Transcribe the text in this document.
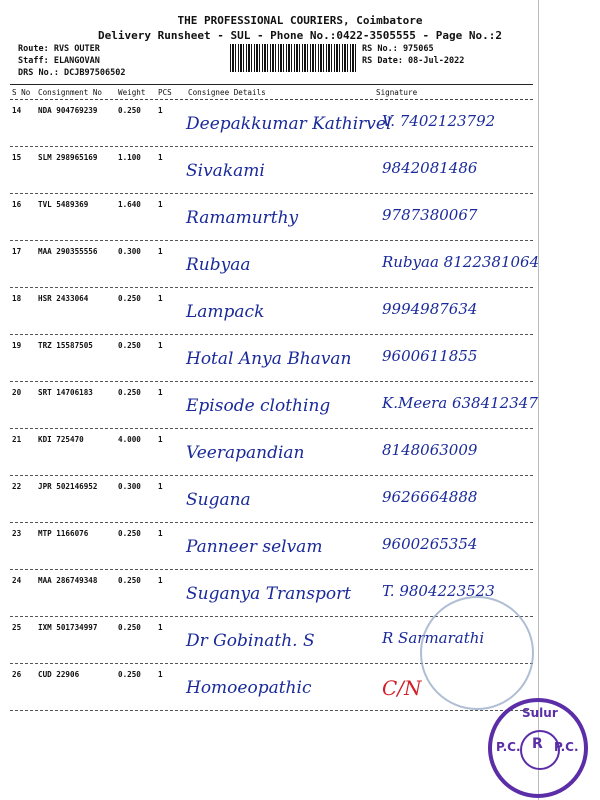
THE PROFESSIONAL COURIERS, Coimbatore
Delivery Runsheet - SUL - Phone No.:0422-3505555 - Page No.:2
Route: RVS OUTER
Staff: ELANGOVAN
DRS No.: DCJB97506502
RS No.: 975065
RS Date: 08-Jul-2022
S No Consignment No Weight PCS Consignee Details	Signature
14 NDA 904769239	0.250 1
Deepakkumar Kathirvel
V. 7402123792
15 SLM 298965169	1.100 1
Sivakami	9842081486
16 TVL 5489369	1.640 1
Ramamurthy	9787380067
17 MAA 290355556	0.300 1
Rubyaa	Rubyaa 8122381064
18 HSR 2433064	0.250 1
Lampack	9994987634
19 TRZ 15587505	0.250 1
Hotal Anya Bhavan 9600611855
20 SRT 14706183	0.250 1
Episode clothing	K.Meera 638412347
21 KDI 725470	4.000 1
Veerapandian	8148063009
22 JPR 502146952	0.300 1
Sugana	9626664888
23 MTP 1166076	0.250 1
Panneer selvam	9600265354
24 MAA 286749348	0.250 1
Suganya Transport T. 9804223523
25 IXM 501734997	0.250 1
Dr Gobinath. S	R Sarmarathi
26 CUD 22906	0.250 1
Homoeopathic	C/N
Sulur
P.C.	P.C.
R
